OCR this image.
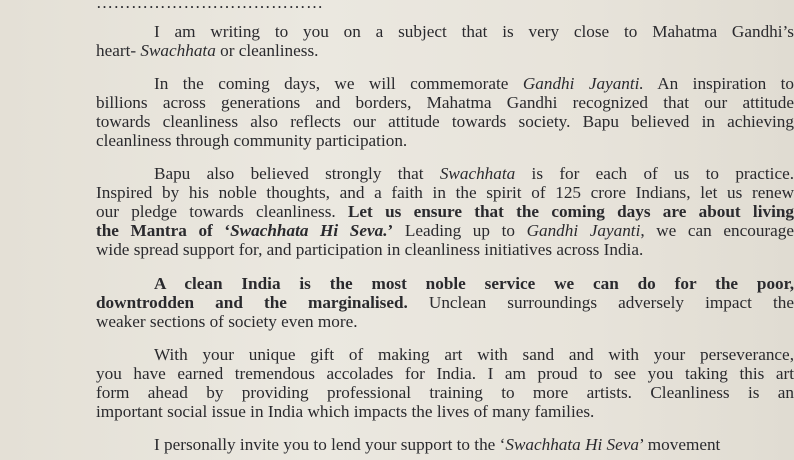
…………………………………
I am writing to you on a subject that is very close to Mahatma Gandhi’s
heart- Swachhata or cleanliness.
In the coming days, we will commemorate Gandhi Jayanti. An inspiration to
billions across generations and borders, Mahatma Gandhi recognized that our attitude
towards cleanliness also reflects our attitude towards society. Bapu believed in achieving
cleanliness through community participation.
Bapu also believed strongly that Swachhata is for each of us to practice.
Inspired by his noble thoughts, and a faith in the spirit of 125 crore Indians, let us renew
our pledge towards cleanliness. Let us ensure that the coming days are about living
the Mantra of ‘Swachhata Hi Seva.’ Leading up to Gandhi Jayanti, we can encourage
wide spread support for, and participation in cleanliness initiatives across India.
A clean India is the most noble service we can do for the poor,
downtrodden and the marginalised. Unclean surroundings adversely impact the
weaker sections of society even more.
With your unique gift of making art with sand and with your perseverance,
you have earned tremendous accolades for India. I am proud to see you taking this art
form ahead by providing professional training to more artists. Cleanliness is an
important social issue in India which impacts the lives of many families.
I personally invite you to lend your support to the ‘Swachhata Hi Seva’ movement
